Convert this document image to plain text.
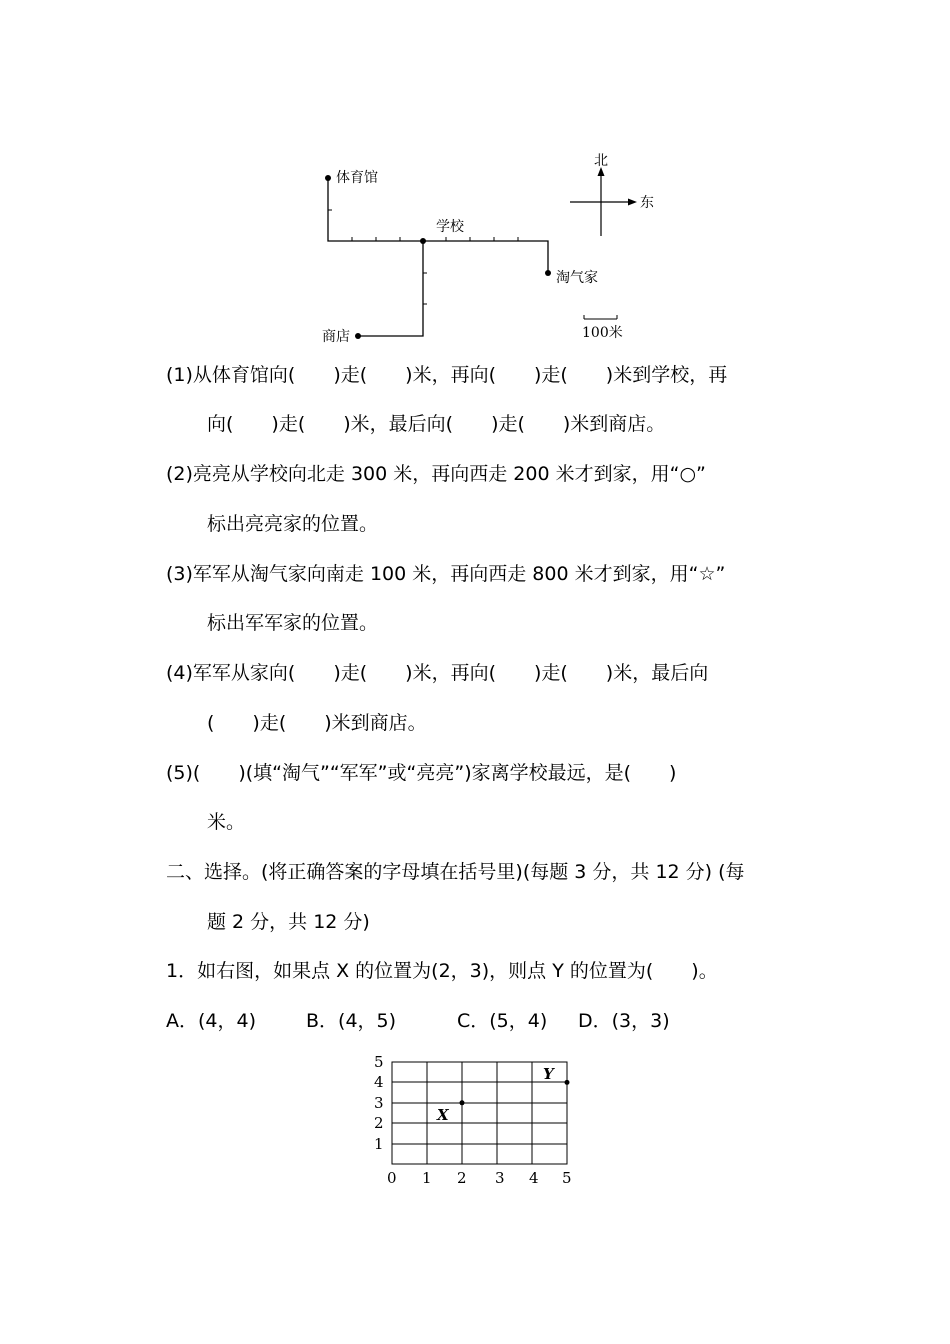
体育馆
学校
淘气家
商店
北
东
100米
(1)从体育馆向(　　)走(　　)米，再向(　　)走(　　)米到学校，再
向(　　)走(　　)米，最后向(　　)走(　　)米到商店。
(2)亮亮从学校向北走 300 米，再向西走 200 米才到家，用“○”
标出亮亮家的位置。
(3)军军从淘气家向南走 100 米，再向西走 800 米才到家，用“☆”
标出军军家的位置。
(4)军军从家向(　　)走(　　)米，再向(　　)走(　　)米，最后向
(　　)走(　　)米到商店。
(5)(　　)(填“淘气”“军军”或“亮亮”)家离学校最远，是(　　)
米。
二、选择。(将正确答案的字母填在括号里)(每题 3 分，共 12 分) (每
题 2 分，共 12 分)
1．如右图，如果点 X 的位置为(2，3)，则点 Y 的位置为(　　)。
A．(4，4)	B．(4，5)	C．(5，4) D．(3，3)
5
4
3
2
1
0 1 2 3 4 5
X
Y
